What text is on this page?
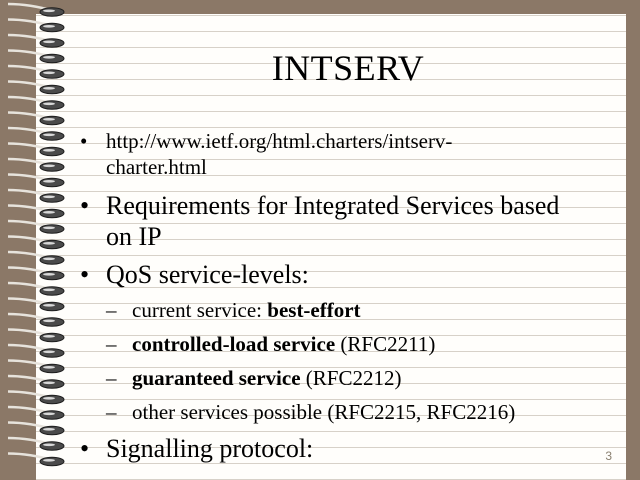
INTSERV
• http://www.ietf.org/html.charters/intserv-
charter.html
• Requirements for Integrated Services based
on IP
• QoS service-levels:
– current service: best-effort
– controlled-load service (RFC2211)
– guaranteed service (RFC2212)
– other services possible (RFC2215, RFC2216)
• Signalling protocol:	3
